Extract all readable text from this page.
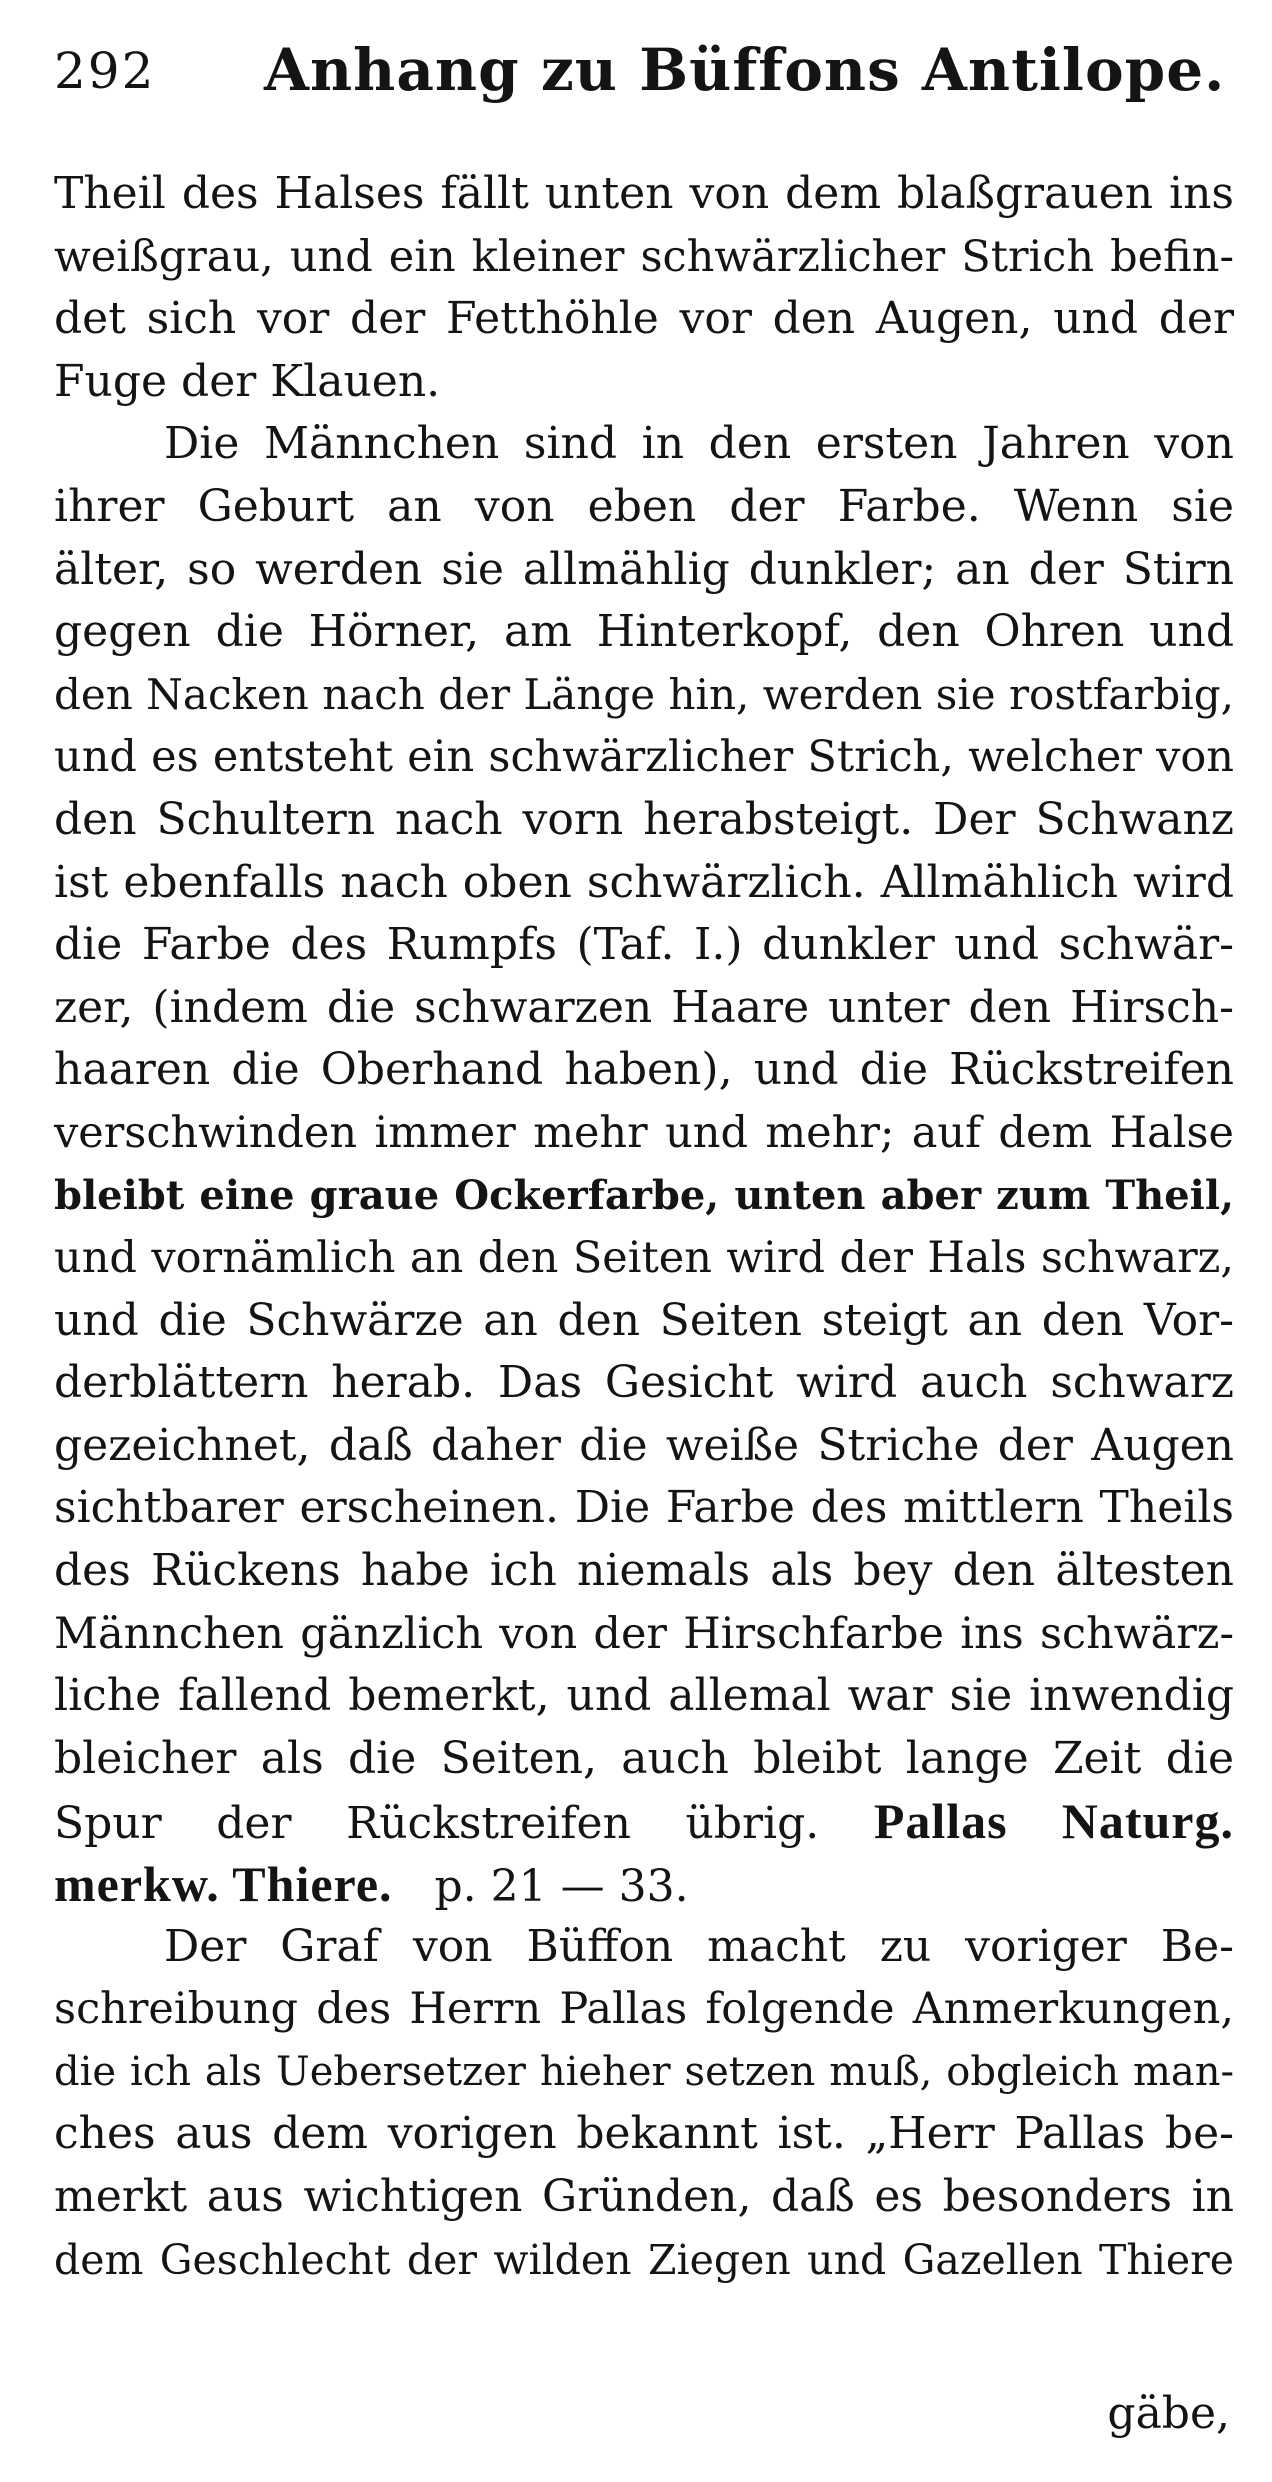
292 Anhang zu Büffons Antilope.
Theil des Halses fällt unten von dem blaßgrauen ins
weißgrau, und ein kleiner schwärzlicher Strich befin-
det sich vor der Fetthöhle vor den Augen, und der
Fuge der Klauen.
Die Männchen sind in den ersten Jahren von
ihrer Geburt an von eben der Farbe. Wenn sie
älter, so werden sie allmählig dunkler; an der Stirn
gegen die Hörner, am Hinterkopf, den Ohren und
den Nacken nach der Länge hin, werden sie rostfarbig,
und es entsteht ein schwärzlicher Strich, welcher von
den Schultern nach vorn herabsteigt. Der Schwanz
ist ebenfalls nach oben schwärzlich. Allmählich wird
die Farbe des Rumpfs (Taf. I.) dunkler und schwär-
zer, (indem die schwarzen Haare unter den Hirsch-
haaren die Oberhand haben), und die Rückstreifen
verschwinden immer mehr und mehr; auf dem Halse
bleibt eine graue Ockerfarbe, unten aber zum Theil,
und vornämlich an den Seiten wird der Hals schwarz,
und die Schwärze an den Seiten steigt an den Vor-
derblättern herab. Das Gesicht wird auch schwarz
gezeichnet, daß daher die weiße Striche der Augen
sichtbarer erscheinen. Die Farbe des mittlern Theils
des Rückens habe ich niemals als bey den ältesten
Männchen gänzlich von der Hirschfarbe ins schwärz-
liche fallend bemerkt, und allemal war sie inwendig
bleicher als die Seiten, auch bleibt lange Zeit die
Spur der Rückstreifen übrig. Pallas Naturg.
merkw. Thiere. p. 21 — 33.
Der Graf von Büffon macht zu voriger Be-
schreibung des Herrn Pallas folgende Anmerkungen,
die ich als Uebersetzer hieher setzen muß, obgleich man-
ches aus dem vorigen bekannt ist. „Herr Pallas be-
merkt aus wichtigen Gründen, daß es besonders in
dem Geschlecht der wilden Ziegen und Gazellen Thiere
gäbe,
